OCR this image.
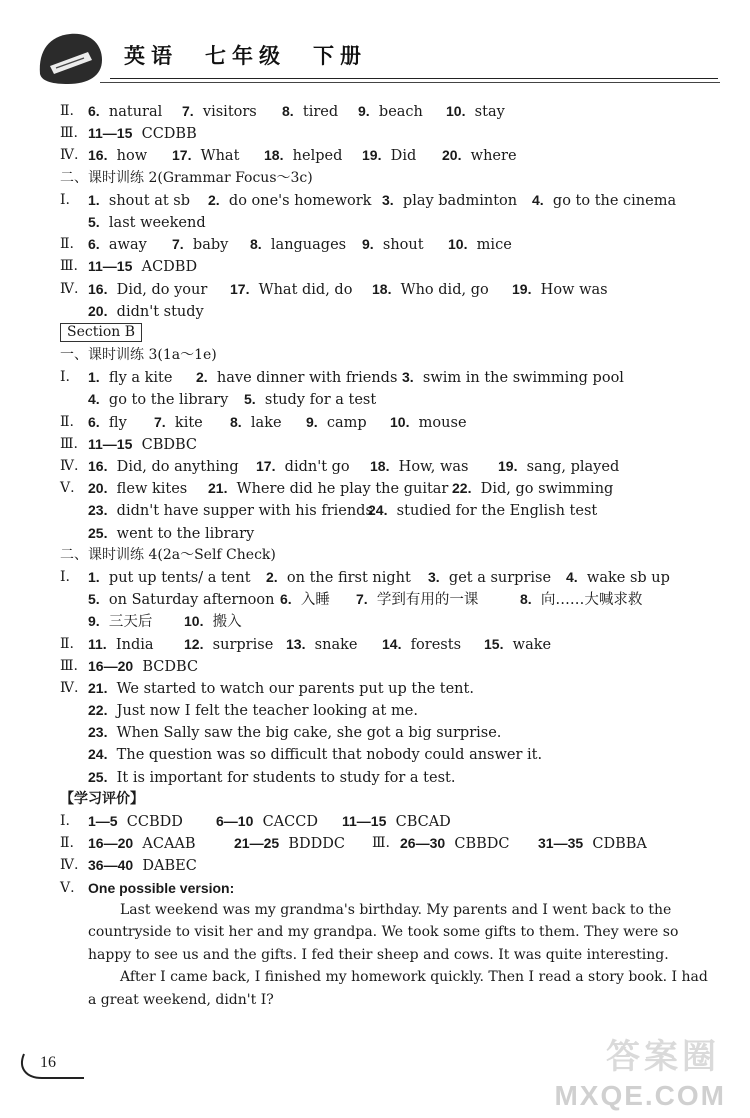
英语　七年级　下册
Ⅱ. 6.  natural 7.  visitors 8.  tired 9.  beach 10.  stay
Ⅲ. 11—15  CCDBB
Ⅳ. 16.  how 17.  What 18.  helped 19.  Did 20.  where
二、课时训练 2(Grammar Focus～3c)
Ⅰ. 1.  shout at sb 2.  do one's homework 3.  play badminton 4.  go to the cinema
5.  last weekend
Ⅱ. 6.  away 7.  baby 8.  languages 9.  shout 10.  mice
Ⅲ. 11—15  ACDBD
Ⅳ. 16.  Did, do your 17.  What did, do 18.  Who did, go 19.  How was
20.  didn't study
Section B
一、课时训练 3(1a～1e)
Ⅰ. 1.  fly a kite 2.  have dinner with friends 3.  swim in the swimming pool
4.  go to the library 5.  study for a test
Ⅱ. 6.  fly 7.  kite 8.  lake 9.  camp 10.  mouse
Ⅲ. 11—15  CBDBC
Ⅳ. 16.  Did, do anything 17.  didn't go 18.  How, was 19.  sang, played
Ⅴ. 20.  flew kites 21.  Where did he play the guitar 22.  Did, go swimming
23.  didn't have supper with his friends
24.  studied for the English test
25.  went to the library
二、课时训练 4(2a～Self Check)
Ⅰ. 1.  put up tents/ a tent 2.  on the first night 3.  get a surprise 4.  wake sb up
5.  on Saturday afternoon 6.  入睡 7.  学到有用的一课	8.  向……大喊求救
9.  三天后 10.  搬入
Ⅱ. 11.  India 12.  surprise 13.  snake 14.  forests 15.  wake
Ⅲ. 16—20  BCDBC
Ⅳ. 21.  We started to watch our parents put up the tent.
22.  Just now I felt the teacher looking at me.
23.  When Sally saw the big cake, she got a big surprise.
24.  The question was so difficult that nobody could answer it.
25.  It is important for students to study for a test.
【学习评价】
Ⅰ. 1—5  CCBDD 6—10  CACCD 11—15  CBCAD
Ⅱ. 16—20  ACAAB	21—25  BDDDC Ⅲ. 26—30  CBBDC 31—35  CDBBA
Ⅳ. 36—40  DABEC
Ⅴ. One possible version:
Last weekend was my grandma's birthday. My parents and I went back to the countryside to visit her and my grandpa. We took some gifts to them. They were so happy to see us and the gifts. I fed their sheep and cows. It was quite interesting.
After I came back, I finished my homework quickly. Then I read a story book. I had a great weekend, didn't I?
16	答案圈
MXQE.COM
